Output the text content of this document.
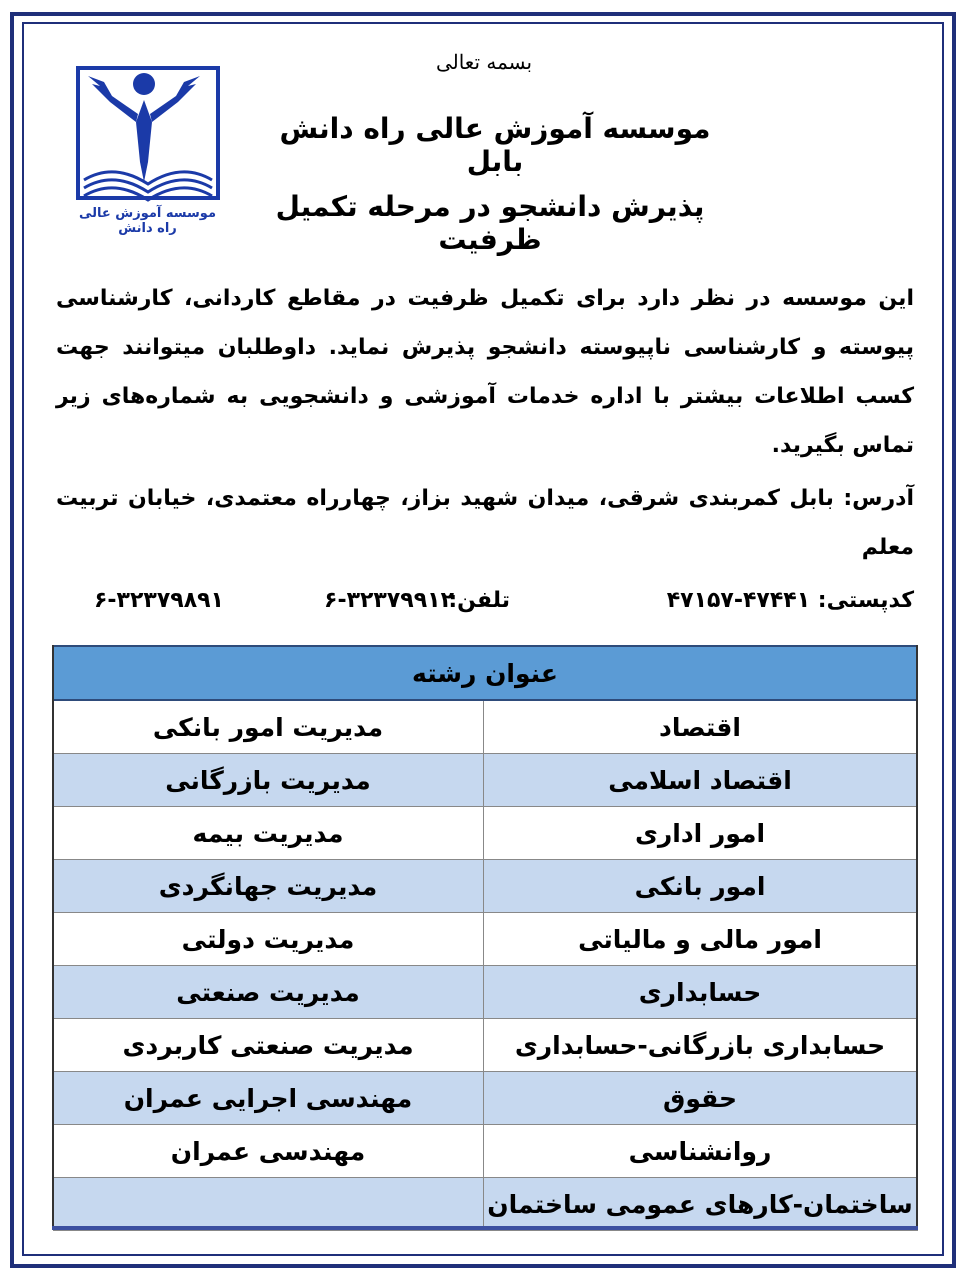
بسمه تعالی
موسسه آموزش عالی راه دانش
موسسه آموزش عالی راه دانش بابل
پذیرش دانشجو در مرحله تکمیل ظرفیت
این موسسه در نظر دارد برای تکمیل ظرفیت در مقاطع کاردانی، کارشناسی پیوسته و کارشناسی ناپیوسته دانشجو پذیرش نماید. داوطلبان میتوانند جهت کسب اطلاعات بیشتر با اداره خدمات آموزشی و دانشجویی به شماره‌های زیر تماس بگیرید.
آدرس: بابل کمربندی شرقی، میدان شهید بزاز، چهارراه معتمدی، خیابان تربیت معلم
کدپستی: ۴۷۴۴۱-۴۷۱۵۷
تلفن:
۶-۳۲۳۷۹۹۱۲
۶-۳۲۳۷۹۸۹۱
عنوان رشته	
اقتصاد	مدیریت امور بانکی
اقتصاد اسلامی	مدیریت بازرگانی
امور اداری	مدیریت بیمه
امور بانکی	مدیریت جهانگردی
امور مالی و مالیاتی	مدیریت دولتی
حسابداری	مدیریت صنعتی
حسابداری بازرگانی-حسابداری	مدیریت صنعتی کاربردی
حقوق	مهندسی اجرایی عمران
روانشناسی	مهندسی عمران
ساختمان-کارهای عمومی ساختمان	
